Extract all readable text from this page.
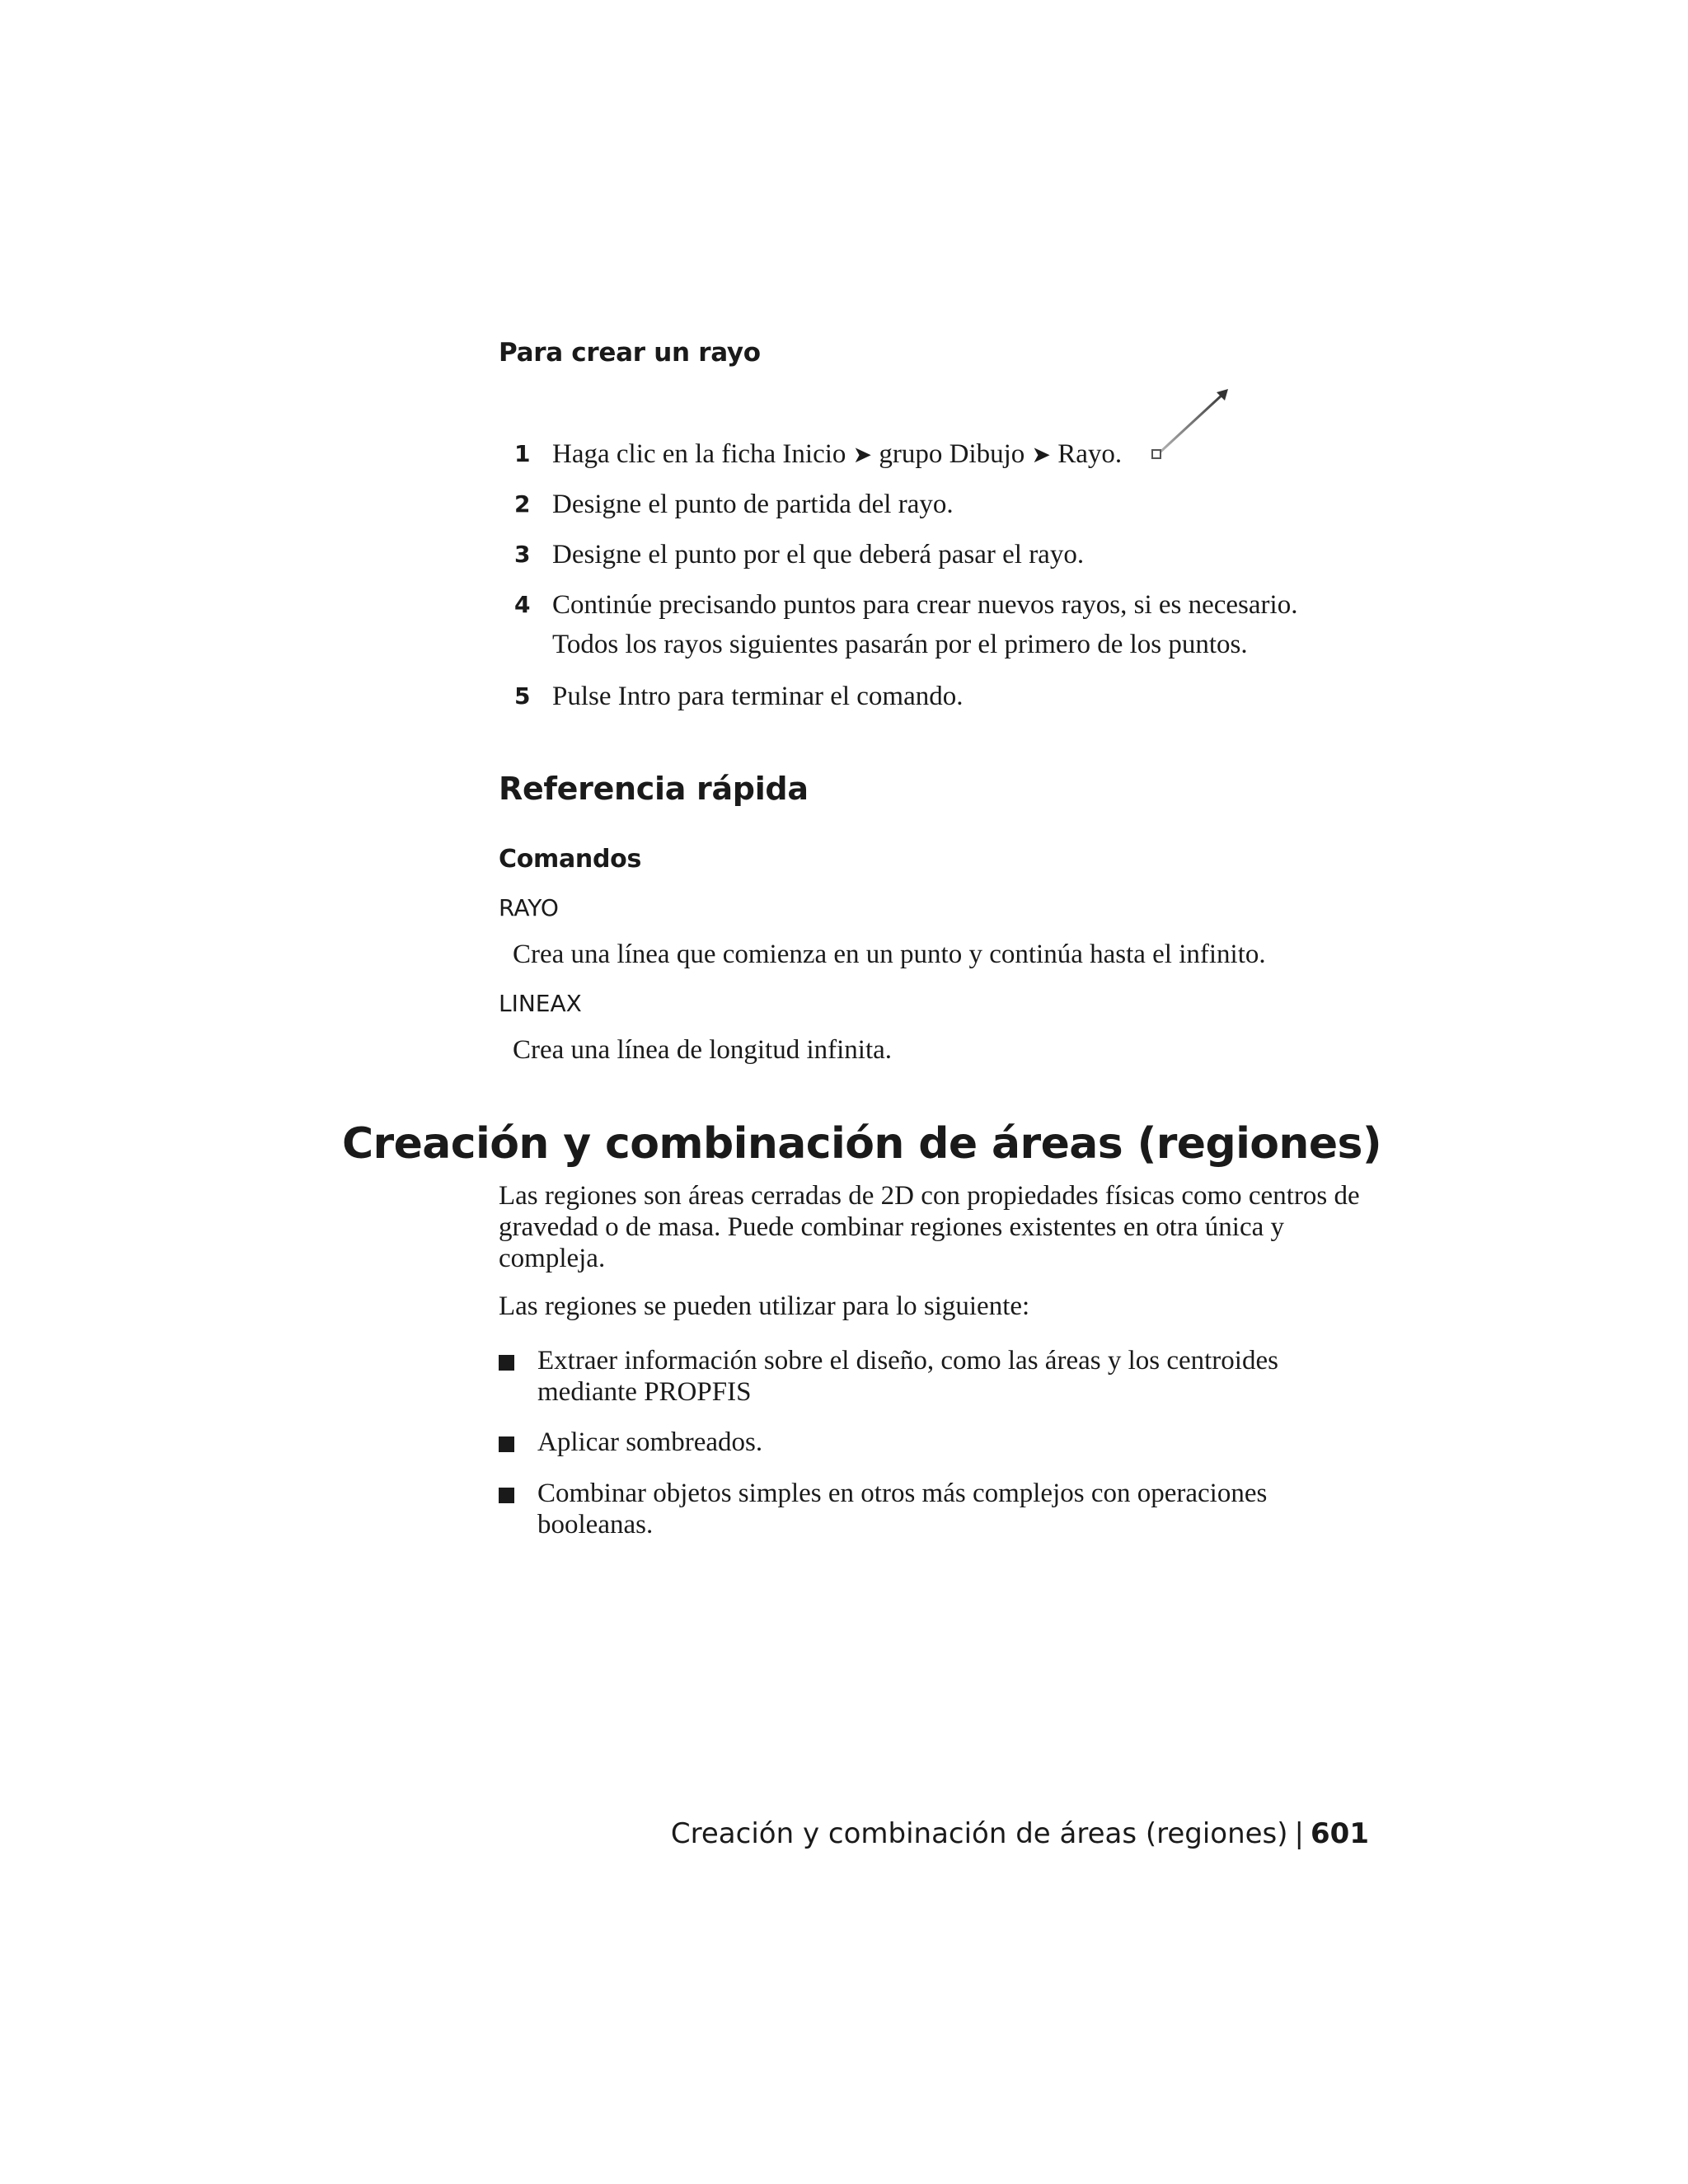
Para crear un rayo

1 Haga clic en la ficha Inicio ➤ grupo Dibujo ➤ Rayo.
2 Designe el punto de partida del rayo.
3 Designe el punto por el que deberá pasar el rayo.
4 Continúe precisando puntos para crear nuevos rayos, si es necesario.
Todos los rayos siguientes pasarán por el primero de los puntos.
5 Pulse Intro para terminar el comando.

Referencia rápida

Comandos

RAYO

Crea una línea que comienza en un punto y continúa hasta el infinito.

LINEAX

Crea una línea de longitud infinita.

Creación y combinación de áreas (regiones)

Las regiones son áreas cerradas de 2D con propiedades físicas como centros de gravedad o de masa. Puede combinar regiones existentes en otra única y compleja.

Las regiones se pueden utilizar para lo siguiente:

Extraer información sobre el diseño, como las áreas y los centroides mediante PROPFIS
Aplicar sombreados.
Combinar objetos simples en otros más complejos con operaciones booleanas.

Creación y combinación de áreas (regiones) | 601
